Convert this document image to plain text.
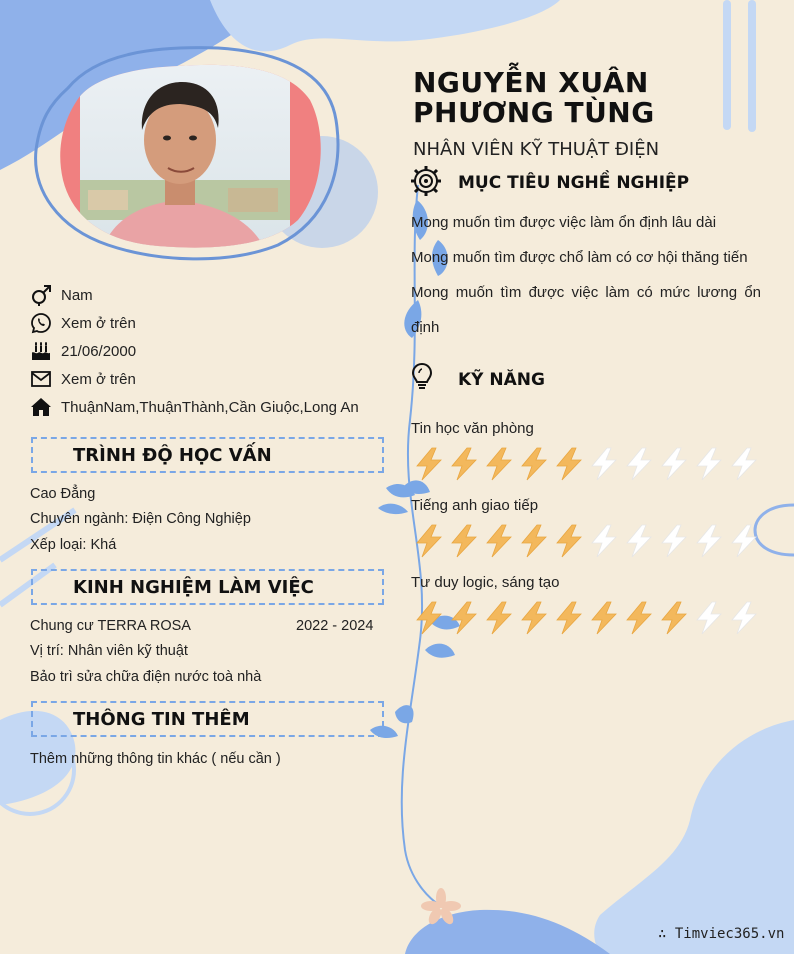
NGUYỄN XUÂN PHƯƠNG TÙNG
NHÂN VIÊN KỸ THUẬT ĐIỆN
MỤC TIÊU NGHỀ NGHIỆP
Mong muốn tìm được việc làm ổn định lâu dài
Mong muốn tìm được chổ làm có cơ hội thăng tiến
Mong muốn tìm được việc làm có mức lương ổn
định
KỸ NĂNG
Tin học văn phòng
Tiếng anh giao tiếp
Tư duy logic, sáng tạo
Nam
Xem ở trên
21/06/2000
Xem ở trên
ThuậnNam,ThuậnThành,Cần Giuộc,Long An
TRÌNH ĐỘ HỌC VẤN
Cao Đẳng
Chuyên ngành: Điện Công Nghiệp
Xếp loại: Khá
KINH NGHIỆM LÀM VIỆC
Chung cư TERRA ROSA	2022 - 2024
Vị trí: Nhân viên kỹ thuật
Bảo trì sửa chữa điện nước toà nhà
THÔNG TIN THÊM
Thêm những thông tin khác ( nếu cần )
∴ Timviec365.vn
